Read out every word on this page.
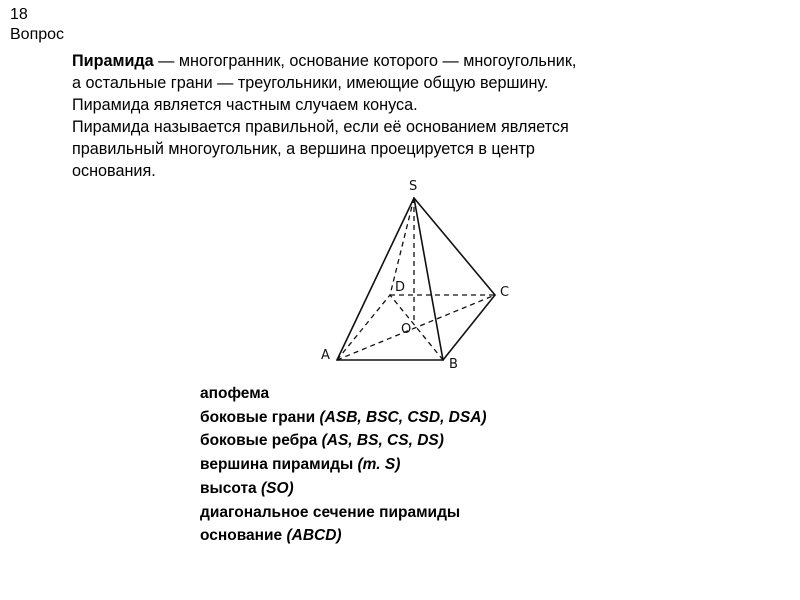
18
Вопрос
Пирамида — многогранник, основание которого — многоугольник,
а остальные грани — треугольники, имеющие общую вершину.
Пирамида является частным случаем конуса.
Пирамида называется правильной, если её основанием является
правильный многоугольник, а вершина проецируется в центр
основания.
S
A
B
C
D
O
апофема
боковые грани (ASB, BSC, CSD, DSA)
боковые ребра (AS, BS, CS, DS)
вершина пирамиды (т. S)
высота (SO)
диагональное сечение пирамиды
основание (ABCD)
